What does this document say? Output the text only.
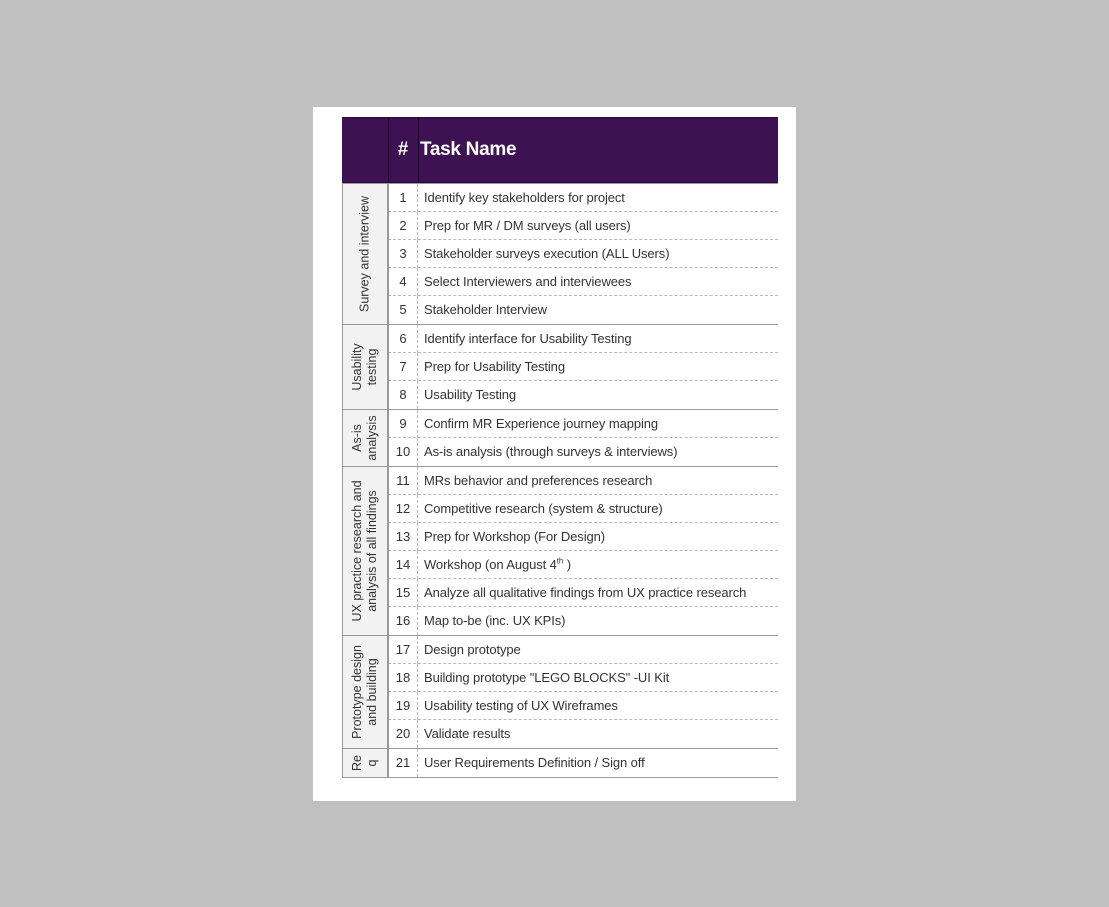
# Task Name
Survey and interview	1	Identify key stakeholders for project
2	Prep for MR / DM surveys (all users)
3	Stakeholder surveys execution (ALL Users)
4	Select Interviewers and interviewees
5	Stakeholder Interview
Usability testing
6	Identify interface for Usability Testing
7	Prep for Usability Testing
8	Usability Testing
As-is analysis	9	Confirm MR Experience journey mapping
10	As-is analysis (through surveys & interviews)
UX practice research and analysis of all findings
11	MRs behavior and preferences research
12	Competitive research (system & structure)
13	Prep for Workshop (For Design)
14	Workshop (on August 4th )
15	Analyze all qualitative findings from UX practice research
16	Map to-be (inc. UX KPIs)
Prototype design and building
17	Design prototype
18	Building prototype "LEGO BLOCKS" -UI Kit
19	Usability testing of UX Wireframes
20	Validate results
Re q	21	User Requirements Definition / Sign off
